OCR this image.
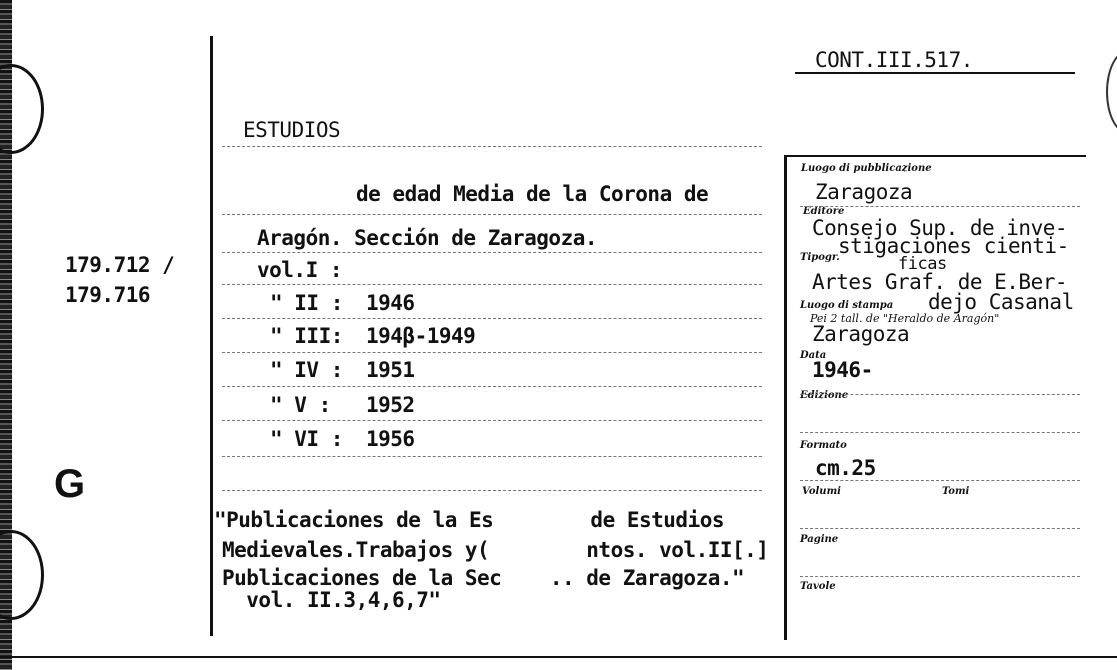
CONT.III.517.
ESTUDIOS
de edad Media de la Corona de
Aragón. Sección de Zaragoza.
179.712 /
179.716
G
vol.I :
" II : 1946
" III: 194β-1949
" IV : 1951
" V : 1952
" VI : 1956
"Publicaciones de la Es        de Estudios
Medievales.Trabajos y(        ntos. vol.II[.]
Publicaciones de la Sec    .. de Zaragoza."
vol. II.3,4,6,7"
Luogo di pubblicazione
Zaragoza
Editore
Consejo Sup. de inve-
stigaciones cienti-
ficas
Tipogr.
Artes Graf. de E.Ber-
dejo Casanal
Luogo di stampa
Pei 2 tall. de "Heraldo de Aragón"
Zaragoza
Data
1946-
Edizione
Formato
cm.25
Volumi	Tomi
Pagine
Tavole
